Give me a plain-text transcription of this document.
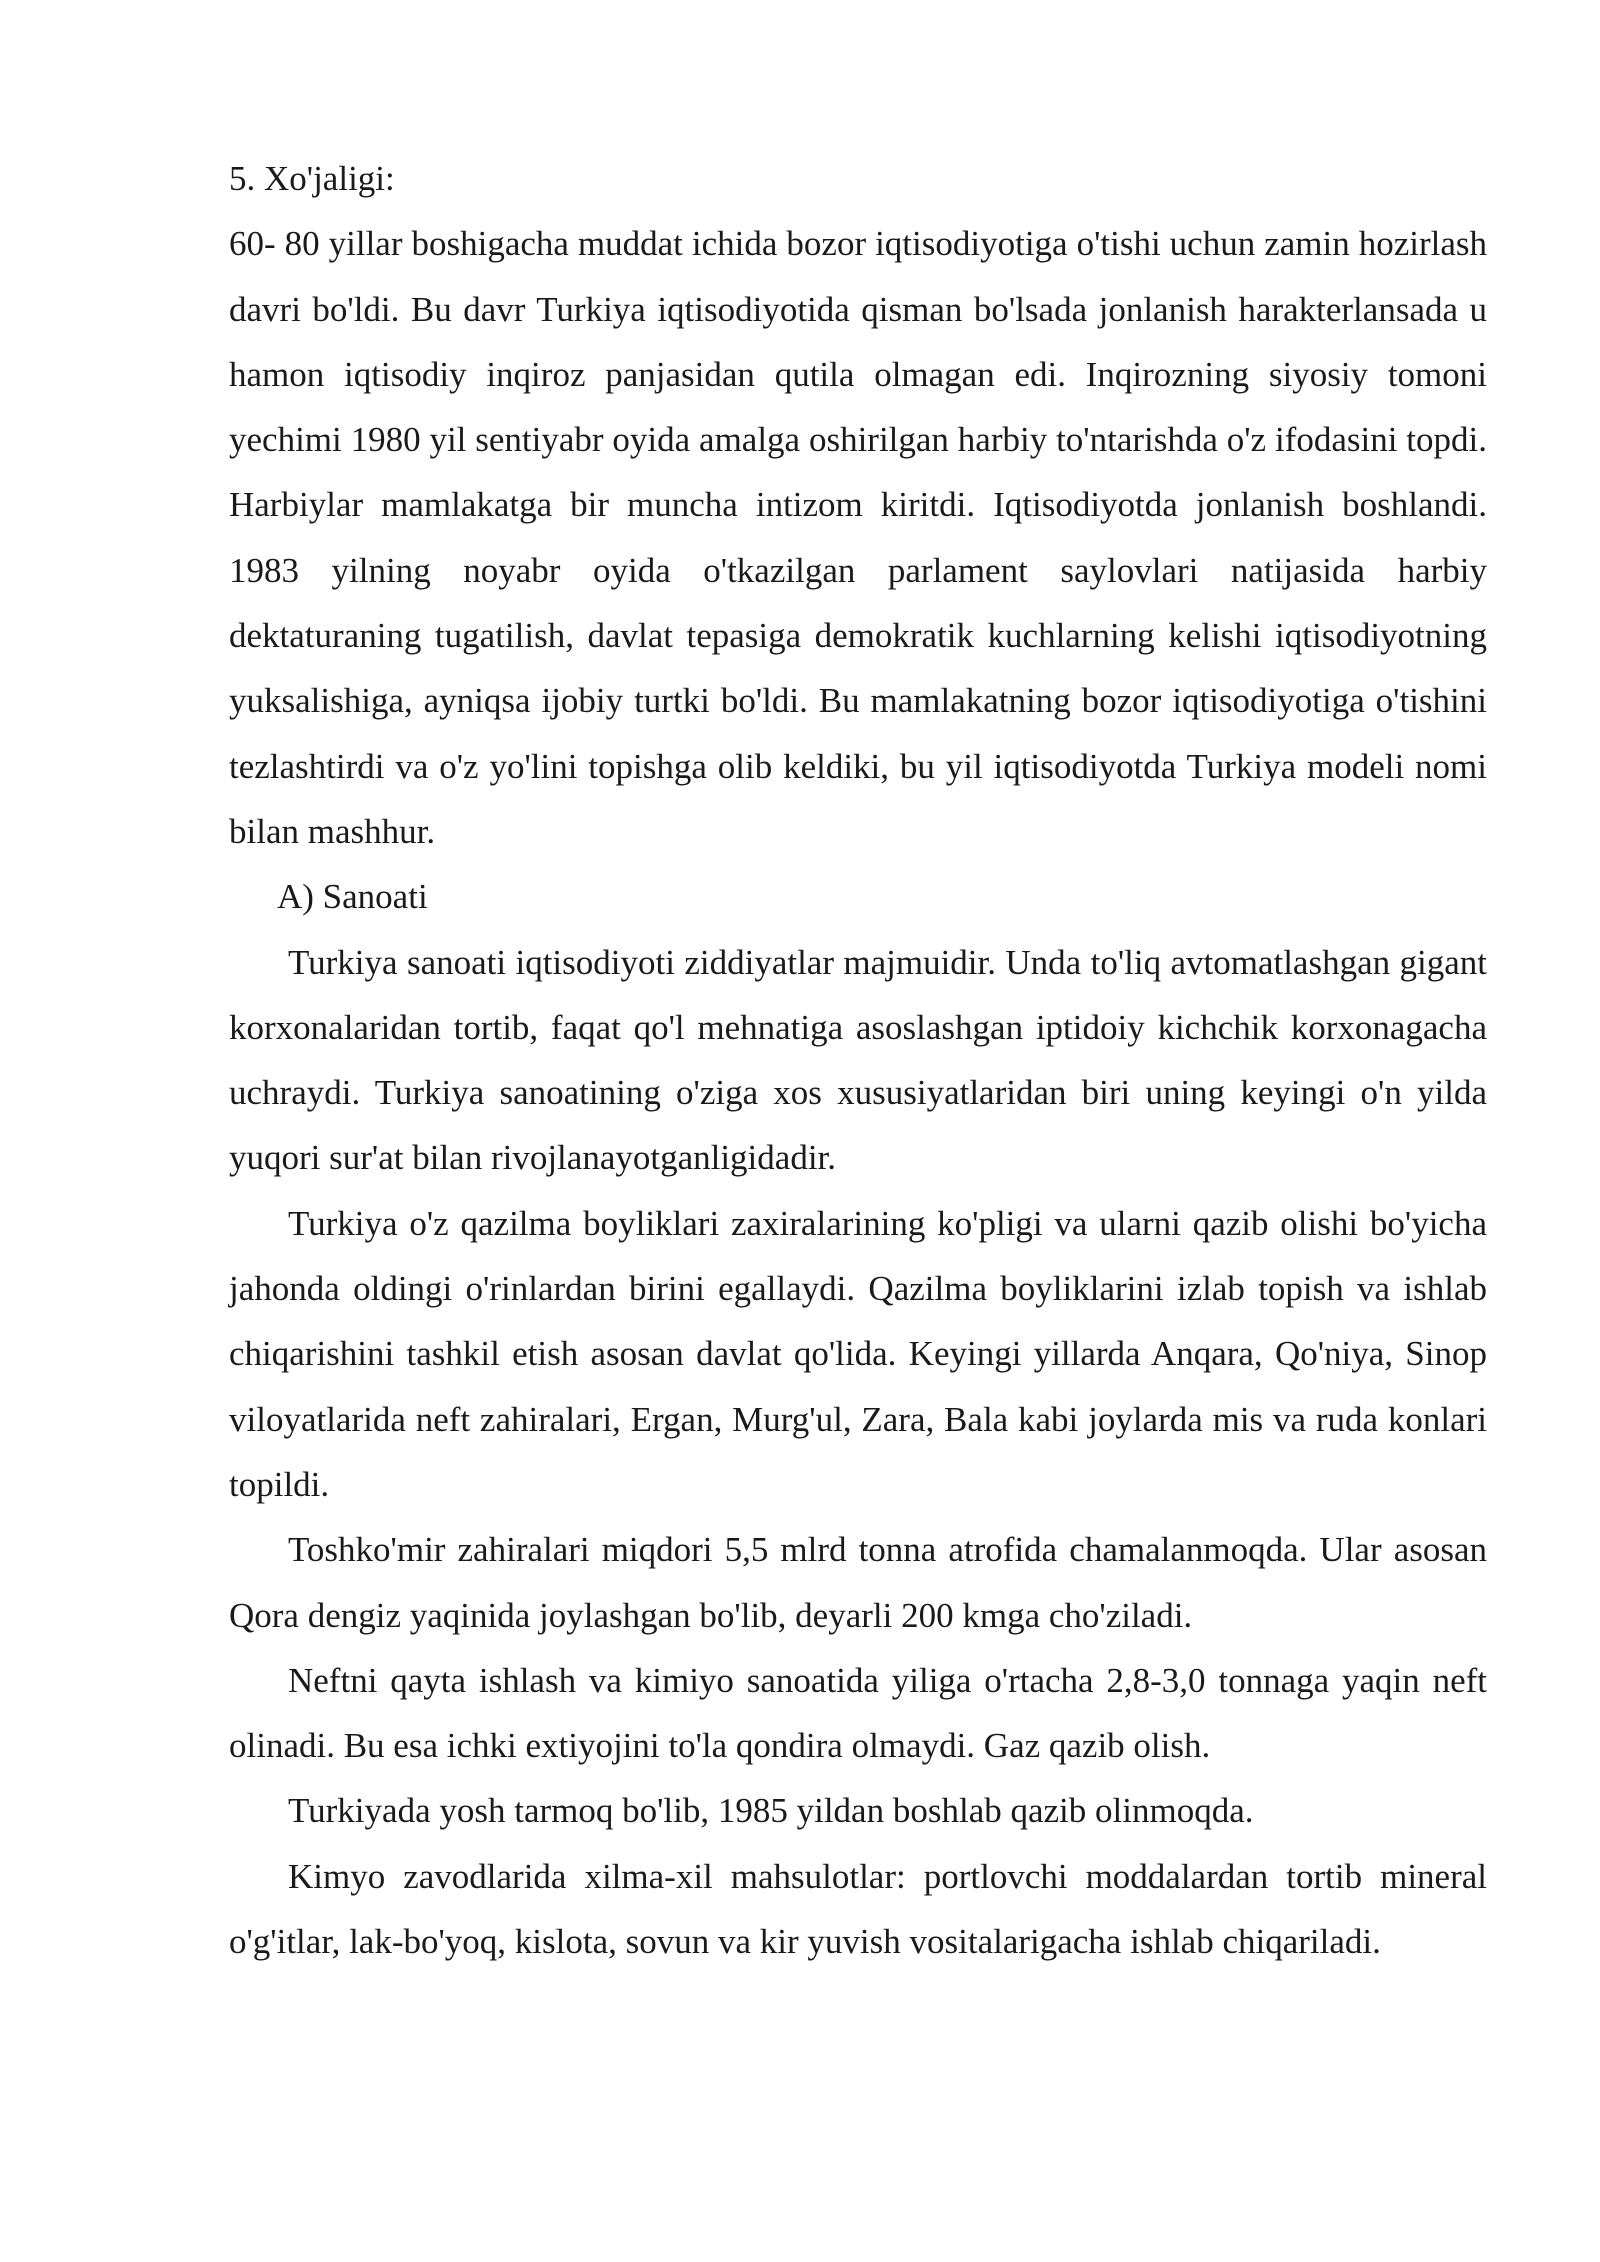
5. Xo'jaligi:

60- 80 yillar boshigacha muddat ichida bozor iqtisodiyotiga o'tishi uchun zamin hozirlash davri bo'ldi. Bu davr Turkiya iqtisodiyotida qisman bo'lsada jonlanish harakterlansada u hamon iqtisodiy inqiroz panjasidan qutila olmagan edi. Inqirozning siyosiy tomoni yechimi 1980 yil sentiyabr oyida amalga oshirilgan harbiy to'ntarishda o'z ifodasini topdi. Harbiylar mamlakatga bir muncha intizom kiritdi. Iqtisodiyotda jonlanish boshlandi. 1983 yilning noyabr oyida o'tkazilgan parlament saylovlari natijasida harbiy dektaturaning tugatilish, davlat tepasiga demokratik kuchlarning kelishi iqtisodiyotning yuksalishiga, ayniqsa ijobiy turtki bo'ldi. Bu mamlakatning bozor iqtisodiyotiga o'tishini tezlashtirdi va o'z yo'lini topishga olib keldiki, bu yil iqtisodiyotda Turkiya modeli nomi bilan mashhur.

A) Sanoati

Turkiya sanoati iqtisodiyoti ziddiyatlar majmuidir. Unda to'liq avtomatlashgan gigant korxonalaridan tortib, faqat qo'l mehnatiga asoslashgan iptidoiy kichchik korxonagacha uchraydi. Turkiya sanoatining o'ziga xos xususiyatlaridan biri uning keyingi o'n yilda yuqori sur'at bilan rivojlanayotganligidadir.

Turkiya o'z qazilma boyliklari zaxiralarining ko'pligi va ularni qazib olishi bo'yicha jahonda oldingi o'rinlardan birini egallaydi. Qazilma boyliklarini izlab topish va ishlab chiqarishini tashkil etish asosan davlat qo'lida. Keyingi yillarda Anqara, Qo'niya, Sinop viloyatlarida neft zahiralari, Ergan, Murg'ul, Zara, Bala kabi joylarda mis va ruda konlari topildi.

Toshko'mir zahiralari miqdori 5,5 mlrd tonna atrofida chamalanmoqda. Ular asosan Qora dengiz yaqinida joylashgan bo'lib, deyarli 200 kmga cho'ziladi.

Neftni qayta ishlash va kimiyo sanoatida yiliga o'rtacha 2,8-3,0 tonnaga yaqin neft olinadi. Bu esa ichki extiyojini to'la qondira olmaydi. Gaz qazib olish.

Turkiyada yosh tarmoq bo'lib, 1985 yildan boshlab qazib olinmoqda.

Kimyo zavodlarida xilma-xil mahsulotlar: portlovchi moddalardan tortib mineral o'g'itlar, lak-bo'yoq, kislota, sovun va kir yuvish vositalarigacha ishlab chiqariladi.
